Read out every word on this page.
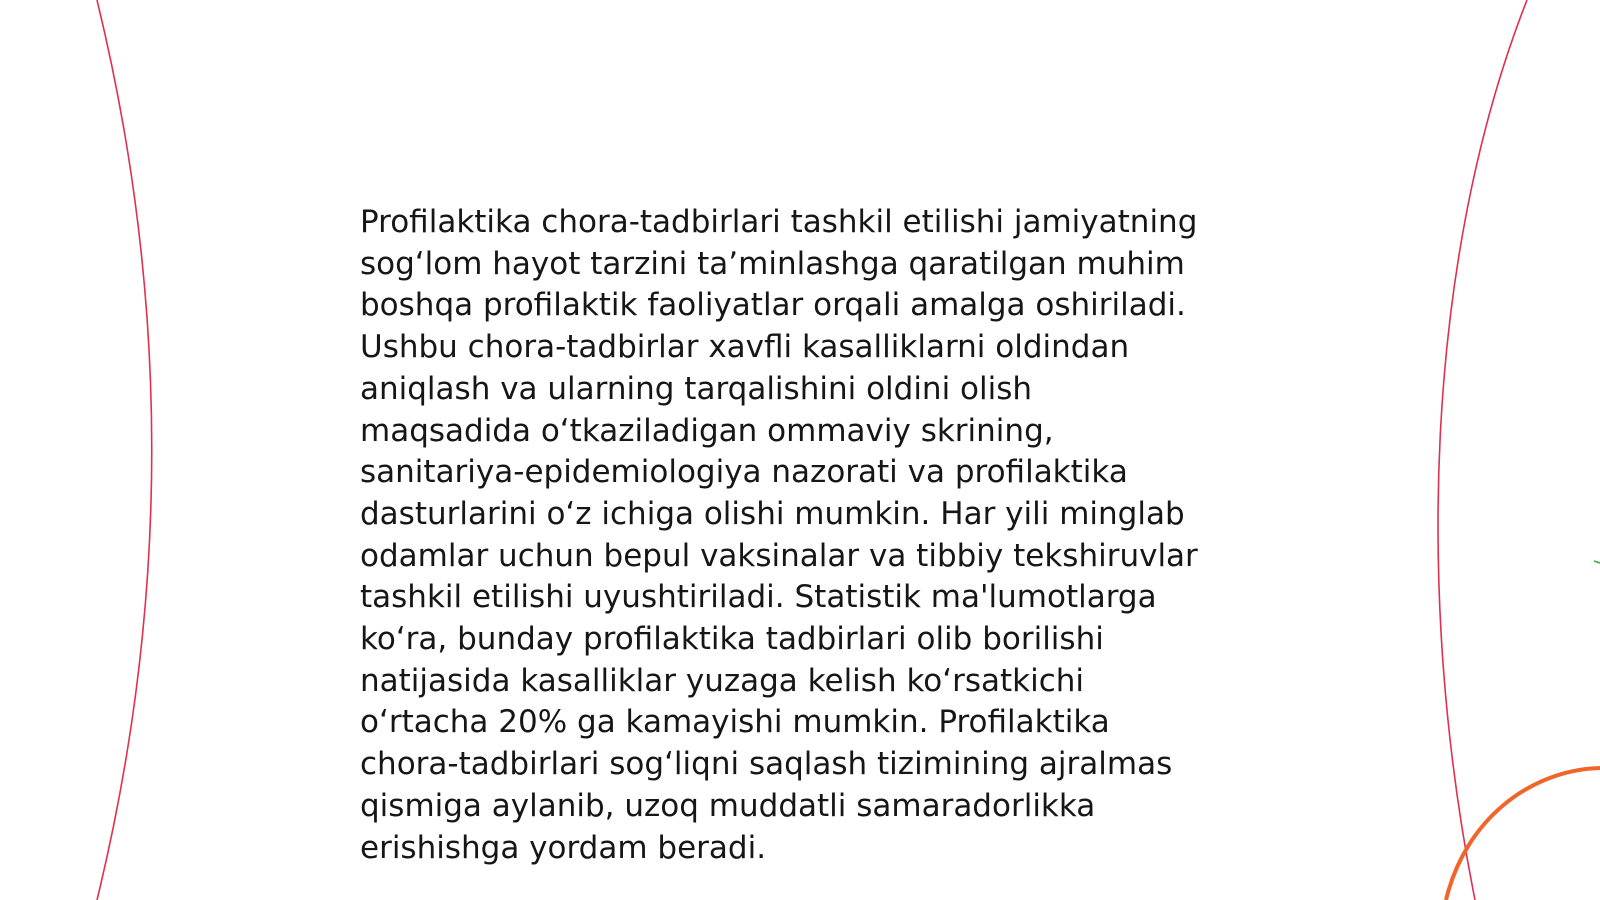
Profilaktika chora-tadbirlari tashkil etilishi jamiyatning
sog‘lom hayot tarzini ta’minlashga qaratilgan muhim
boshqa profilaktik faoliyatlar orqali amalga oshiriladi.
Ushbu chora-tadbirlar xavfli kasalliklarni oldindan
aniqlash va ularning tarqalishini oldini olish
maqsadida o‘tkaziladigan ommaviy skrining,
sanitariya-epidemiologiya nazorati va profilaktika
dasturlarini o‘z ichiga olishi mumkin. Har yili minglab
odamlar uchun bepul vaksinalar va tibbiy tekshiruvlar
tashkil etilishi uyushtiriladi. Statistik ma'lumotlarga
ko‘ra, bunday profilaktika tadbirlari olib borilishi
natijasida kasalliklar yuzaga kelish ko‘rsatkichi
o‘rtacha 20% ga kamayishi mumkin. Profilaktika
chora-tadbirlari sog‘liqni saqlash tizimining ajralmas
qismiga aylanib, uzoq muddatli samaradorlikka
erishishga yordam beradi.
